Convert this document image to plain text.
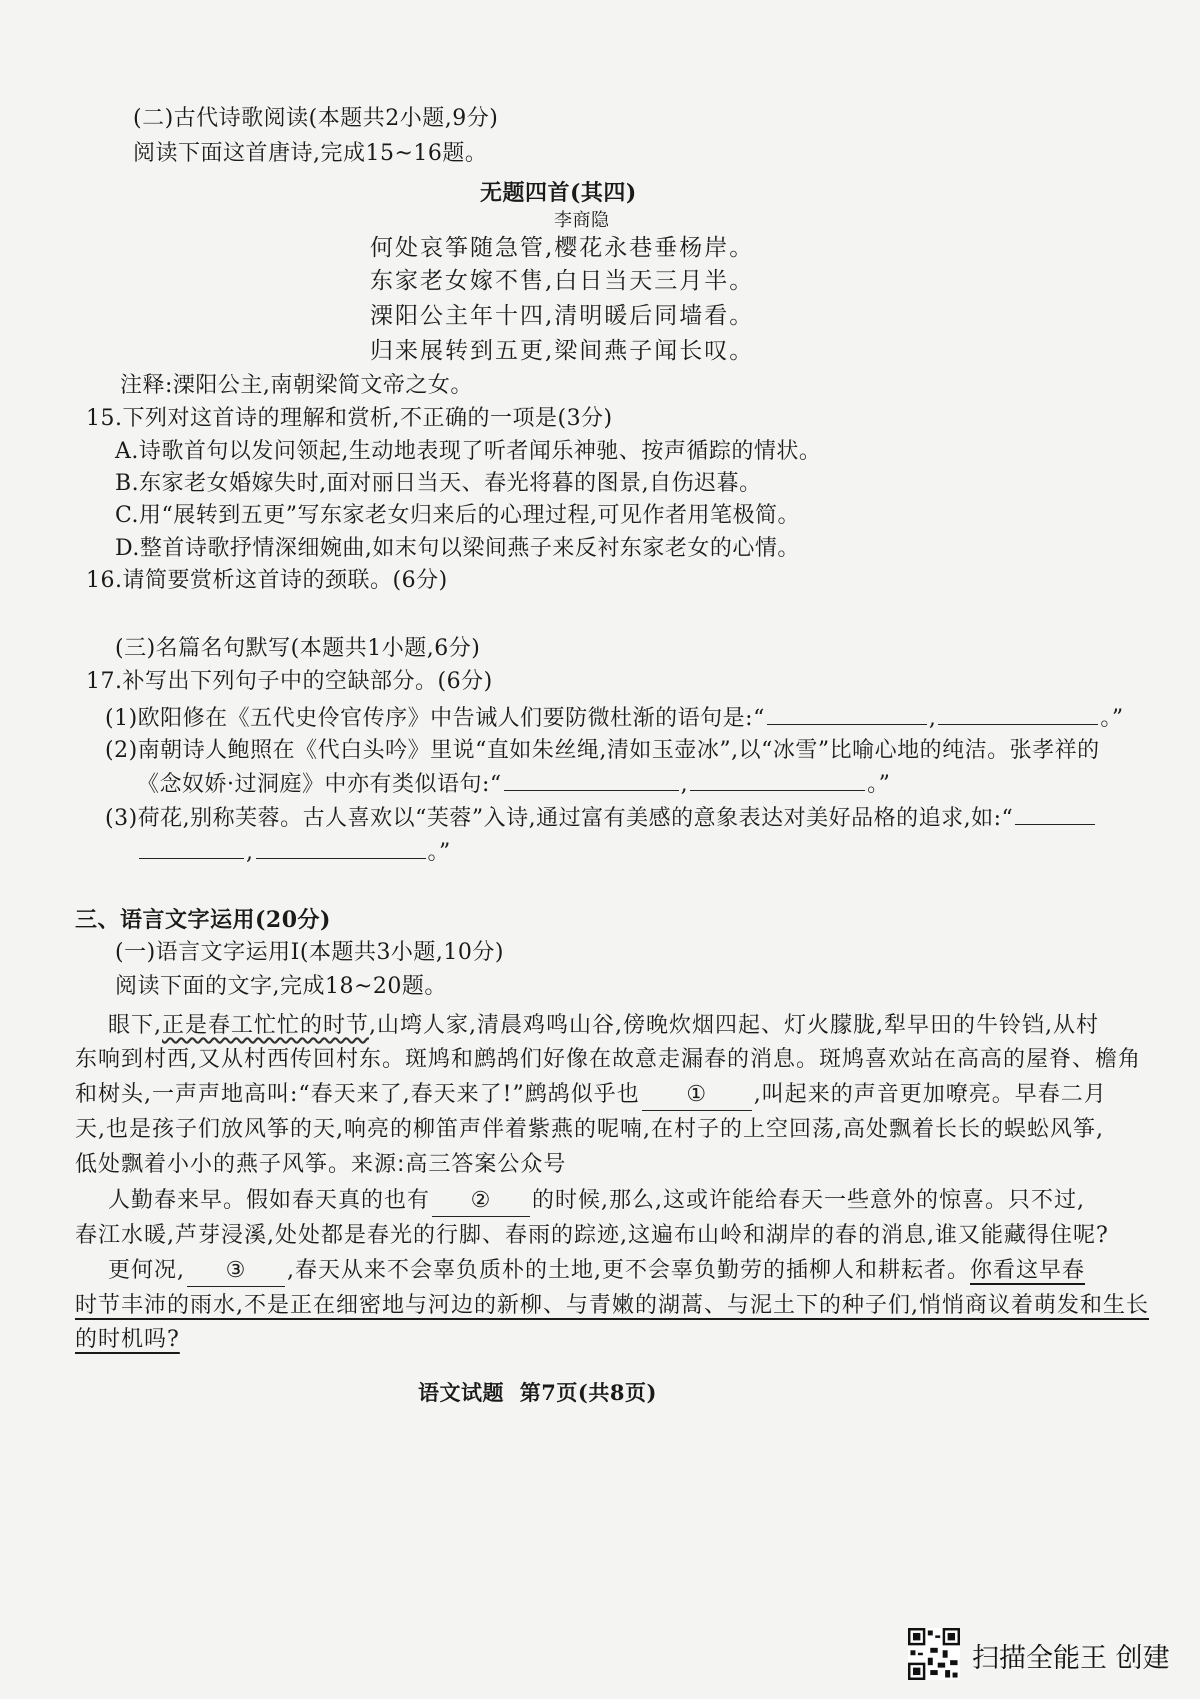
(二)古代诗歌阅读(本题共2小题,9分)
阅读下面这首唐诗,完成15~16题。
无题四首(其四)
李商隐
何处哀筝随急管,樱花永巷垂杨岸。
东家老女嫁不售,白日当天三月半。
溧阳公主年十四,清明暖后同墙看。
归来展转到五更,梁间燕子闻长叹。
注释:溧阳公主,南朝梁简文帝之女。
15.下列对这首诗的理解和赏析,不正确的一项是(3分)
A.诗歌首句以发问领起,生动地表现了听者闻乐神驰、按声循踪的情状。
B.东家老女婚嫁失时,面对丽日当天、春光将暮的图景,自伤迟暮。
C.用“展转到五更”写东家老女归来后的心理过程,可见作者用笔极简。
D.整首诗歌抒情深细婉曲,如末句以梁间燕子来反衬东家老女的心情。
16.请简要赏析这首诗的颈联。(6分)
(三)名篇名句默写(本题共1小题,6分)
17.补写出下列句子中的空缺部分。(6分)
(1)欧阳修在《五代史伶官传序》中告诫人们要防微杜渐的语句是:“	,	。”
(2)南朝诗人鲍照在《代白头吟》里说“直如朱丝绳,清如玉壶冰”,以“冰雪”比喻心地的纯洁。张孝祥的
《念奴娇·过洞庭》中亦有类似语句:“	,	。”
(3)荷花,别称芙蓉。古人喜欢以“芙蓉”入诗,通过富有美感的意象表达对美好品格的追求,如:“
,	。”
三、语言文字运用(20分)
(一)语言文字运用Ⅰ(本题共3小题,10分)
阅读下面的文字,完成18~20题。
眼下,正是春工忙忙的时节,山塆人家,清晨鸡鸣山谷,傍晚炊烟四起、灯火朦胧,犁早田的牛铃铛,从村
东响到村西,又从村西传回村东。斑鸠和鹧鸪们好像在故意走漏春的消息。斑鸠喜欢站在高高的屋脊、檐角
和树头,一声声地高叫:“春天来了,春天来了!”鹧鸪似乎也 ① ,叫起来的声音更加嘹亮。早春二月
天,也是孩子们放风筝的天,响亮的柳笛声伴着紫燕的呢喃,在村子的上空回荡,高处飘着长长的蜈蚣风筝,
低处飘着小小的燕子风筝。来源:高三答案公众号
人勤春来早。假如春天真的也有 ② 的时候,那么,这或许能给春天一些意外的惊喜。只不过,
春江水暖,芦芽浸溪,处处都是春光的行脚、春雨的踪迹,这遍布山岭和湖岸的春的消息,谁又能藏得住呢?
更何况, ③ ,春天从来不会辜负质朴的土地,更不会辜负勤劳的插柳人和耕耘者。你看这早春
时节丰沛的雨水,不是正在细密地与河边的新柳、与青嫩的湖蒿、与泥土下的种子们,悄悄商议着萌发和生长
的时机吗?
语文试题 第7页(共8页)
扫描全能王 创建
